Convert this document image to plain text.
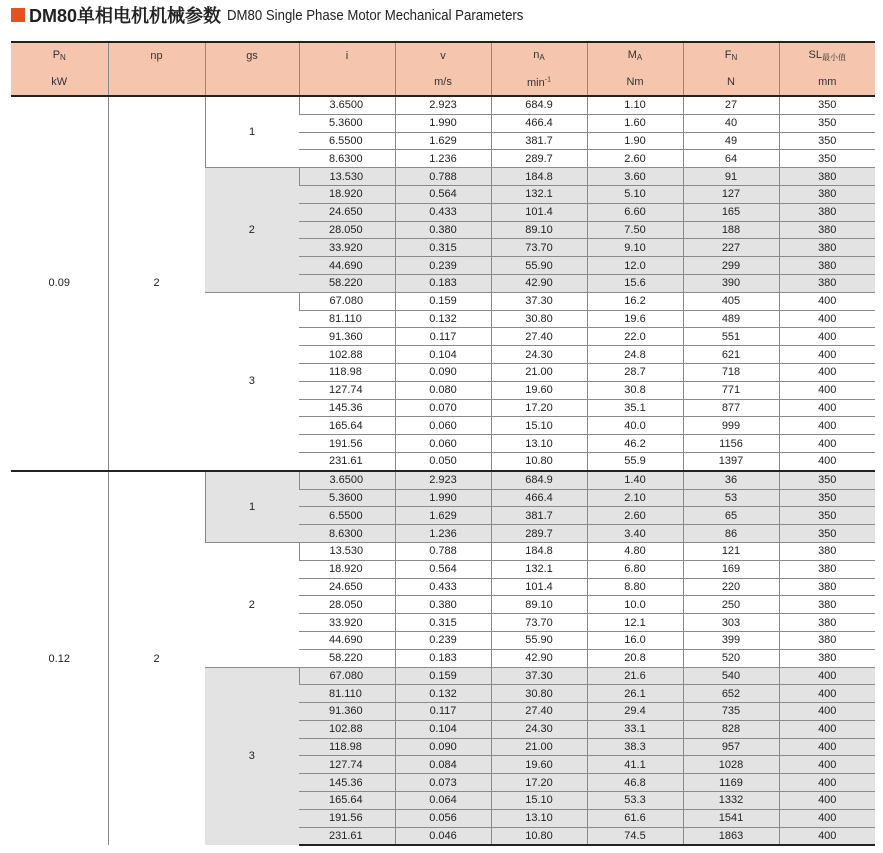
DM80单相电机机械参数 DM80 Single Phase Motor Mechanical Parameters
$P_N$	np	gs	i	v	$n_A$	$M_A$	$F_N$	$SL_{最小值}$
kW				m/s	$\min^{-1}$	Nm	N	mm
0.09	2	1	3.6500	2.923	684.9	1.10	27	350
			5.3600	1.990	466.4	1.60	40	350
			6.5500	1.629	381.7	1.90	49	350
			8.6300	1.236	289.7	2.60	64	350
		2	13.530	0.788	184.8	3.60	91	380
			18.920	0.564	132.1	5.10	127	380
			24.650	0.433	101.4	6.60	165	380
			28.050	0.380	89.10	7.50	188	380
			33.920	0.315	73.70	9.10	227	380
			44.690	0.239	55.90	12.0	299	380
			58.220	0.183	42.90	15.6	390	380
		3	67.080	0.159	37.30	16.2	405	400
			81.110	0.132	30.80	19.6	489	400
			91.360	0.117	27.40	22.0	551	400
			102.88	0.104	24.30	24.8	621	400
			118.98	0.090	21.00	28.7	718	400
			127.74	0.080	19.60	30.8	771	400
			145.36	0.070	17.20	35.1	877	400
			165.64	0.060	15.10	40.0	999	400
			191.56	0.060	13.10	46.2	1156	400
			231.61	0.050	10.80	55.9	1397	400
0.12	2	1	3.6500	2.923	684.9	1.40	36	350
			5.3600	1.990	466.4	2.10	53	350
			6.5500	1.629	381.7	2.60	65	350
			8.6300	1.236	289.7	3.40	86	350
		2	13.530	0.788	184.8	4.80	121	380
			18.920	0.564	132.1	6.80	169	380
			24.650	0.433	101.4	8.80	220	380
			28.050	0.380	89.10	10.0	250	380
			33.920	0.315	73.70	12.1	303	380
			44.690	0.239	55.90	16.0	399	380
			58.220	0.183	42.90	20.8	520	380
		3	67.080	0.159	37.30	21.6	540	400
			81.110	0.132	30.80	26.1	652	400
			91.360	0.117	27.40	29.4	735	400
			102.88	0.104	24.30	33.1	828	400
			118.98	0.090	21.00	38.3	957	400
			127.74	0.084	19.60	41.1	1028	400
			145.36	0.073	17.20	46.8	1169	400
			165.64	0.064	15.10	53.3	1332	400
			191.56	0.056	13.10	61.6	1541	400
			231.61	0.046	10.80	74.5	1863	400
